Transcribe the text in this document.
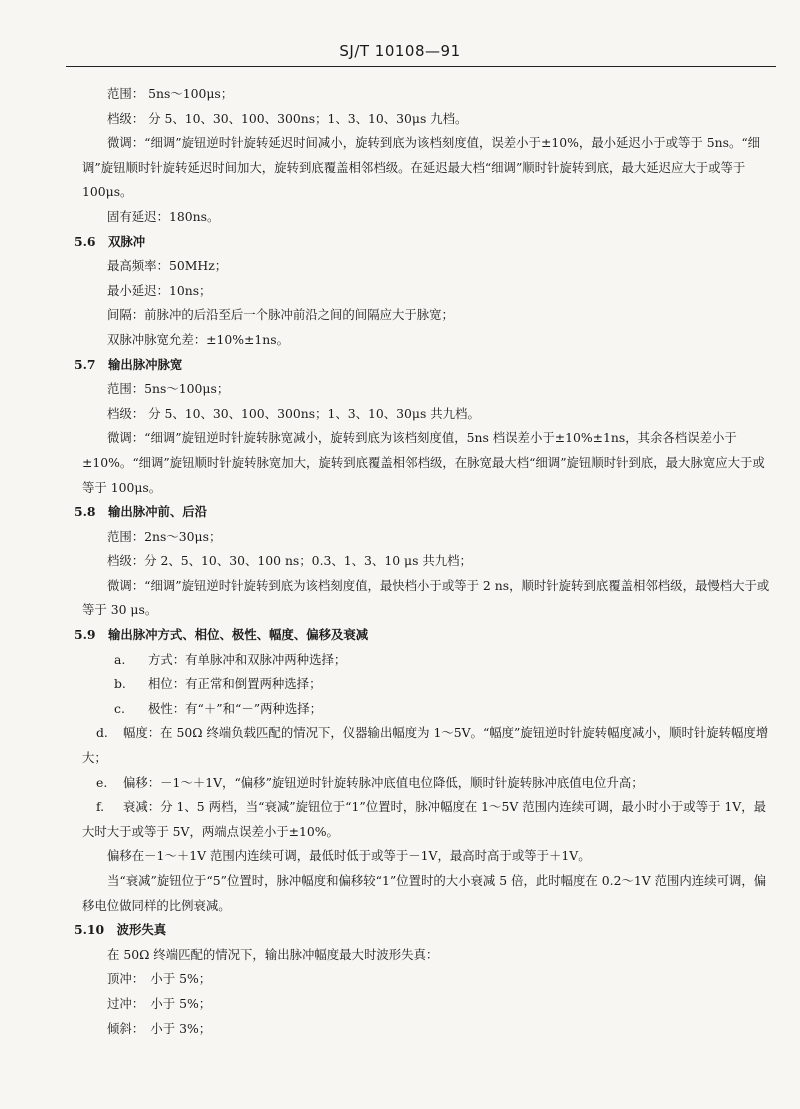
SJ/T 10108—91
范围： 5ns～100μs；
档级： 分 5、10、30、100、300ns；1、3、10、30μs 九档。
微调：“细调”旋钮逆时针旋转延迟时间减小，旋转到底为该档刻度值，误差小于±10%，最小延迟小于或等于 5ns。“细调”旋钮顺时针旋转延迟时间加大，旋转到底覆盖相邻档级。在延迟最大档“细调”顺时针旋转到底，最大延迟应大于或等于 100μs。
固有延迟：180ns。
5.6　双脉冲
最高频率：50MHz；
最小延迟：10ns；
间隔：前脉冲的后沿至后一个脉冲前沿之间的间隔应大于脉宽；
双脉冲脉宽允差：±10%±1ns。
5.7　输出脉冲脉宽
范围：5ns～100μs；
档级： 分 5、10、30、100、300ns；1、3、10、30μs 共九档。
微调：“细调”旋钮逆时针旋转脉宽减小，旋转到底为该档刻度值，5ns 档误差小于±10%±1ns，其余各档误差小于±10%。“细调”旋钮顺时针旋转脉宽加大，旋转到底覆盖相邻档级，在脉宽最大档“细调”旋钮顺时针到底，最大脉宽应大于或等于 100μs。
5.8　输出脉冲前、后沿
范围：2ns～30μs；
档级：分 2、5、10、30、100 ns；0.3、1、3、10 μs 共九档；
微调：“细调”旋钮逆时针旋转到底为该档刻度值，最快档小于或等于 2 ns，顺时针旋转到底覆盖相邻档级，最慢档大于或等于 30 μs。
5.9　输出脉冲方式、相位、极性、幅度、偏移及衰减
a. 方式：有单脉冲和双脉冲两种选择；
b. 相位：有正常和倒置两种选择；
c. 极性：有“＋”和“－”两种选择；
d. 幅度：在 50Ω 终端负载匹配的情况下，仪器输出幅度为 1～5V。“幅度”旋钮逆时针旋转幅度减小，顺时针旋转幅度增大；
e. 偏移：－1～＋1V，“偏移”旋钮逆时针旋转脉冲底值电位降低，顺时针旋转脉冲底值电位升高；
f. 衰减：分 1、5 两档，当“衰减”旋钮位于“1”位置时，脉冲幅度在 1～5V 范围内连续可调，最小时小于或等于 1V，最大时大于或等于 5V，两端点误差小于±10%。
偏移在－1～＋1V 范围内连续可调，最低时低于或等于－1V，最高时高于或等于＋1V。
当“衰减”旋钮位于“5”位置时，脉冲幅度和偏移较“1”位置时的大小衰减 5 倍，此时幅度在 0.2～1V 范围内连续可调，偏移电位做同样的比例衰减。
5.10　波形失真
在 50Ω 终端匹配的情况下，输出脉冲幅度最大时波形失真：
顶冲：　小于 5%；
过冲：　小于 5%；
倾斜：　小于 3%；
